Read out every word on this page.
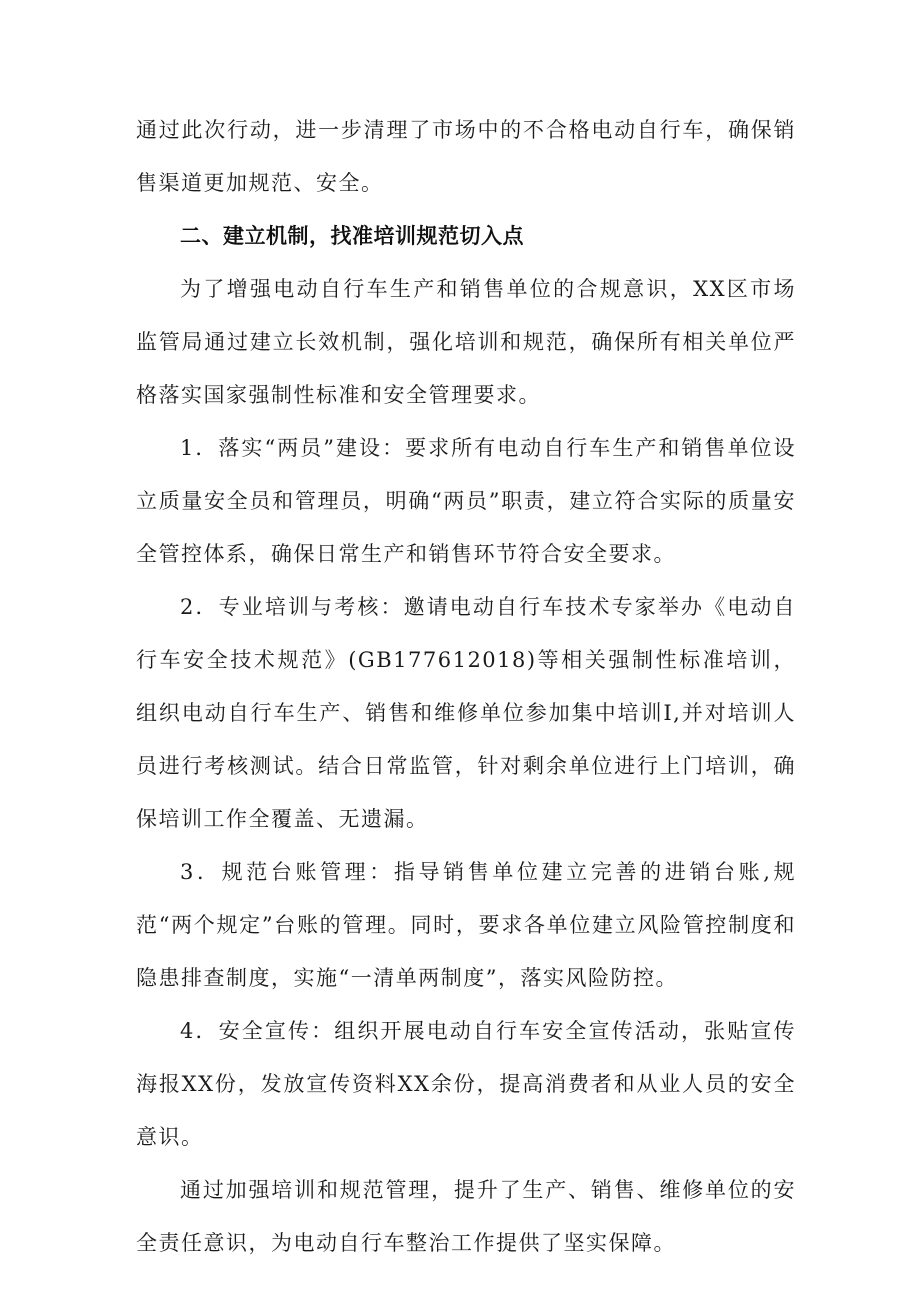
通过此次行动，进一步清理了市场中的不合格电动自行车，确保销售渠道更加规范、安全。

二、建立机制，找准培训规范切入点

为了增强电动自行车生产和销售单位的合规意识，XX区市场监管局通过建立长效机制，强化培训和规范，确保所有相关单位严格落实国家强制性标准和安全管理要求。

1．落实“两员”建设：要求所有电动自行车生产和销售单位设立质量安全员和管理员，明确“两员”职责，建立符合实际的质量安全管控体系，确保日常生产和销售环节符合安全要求。

2．专业培训与考核：邀请电动自行车技术专家举办《电动自行车安全技术规范》(GB177612018)等相关强制性标准培训，组织电动自行车生产、销售和维修单位参加集中培训I,并对培训人员进行考核测试。结合日常监管，针对剩余单位进行上门培训，确保培训工作全覆盖、无遗漏。

3．规范台账管理：指导销售单位建立完善的进销台账,规范“两个规定”台账的管理。同时，要求各单位建立风险管控制度和隐患排查制度，实施“一清单两制度”，落实风险防控。

4．安全宣传：组织开展电动自行车安全宣传活动，张贴宣传海报XX份，发放宣传资料XX余份，提高消费者和从业人员的安全意识。

通过加强培训和规范管理，提升了生产、销售、维修单位的安全责任意识，为电动自行车整治工作提供了坚实保障。
